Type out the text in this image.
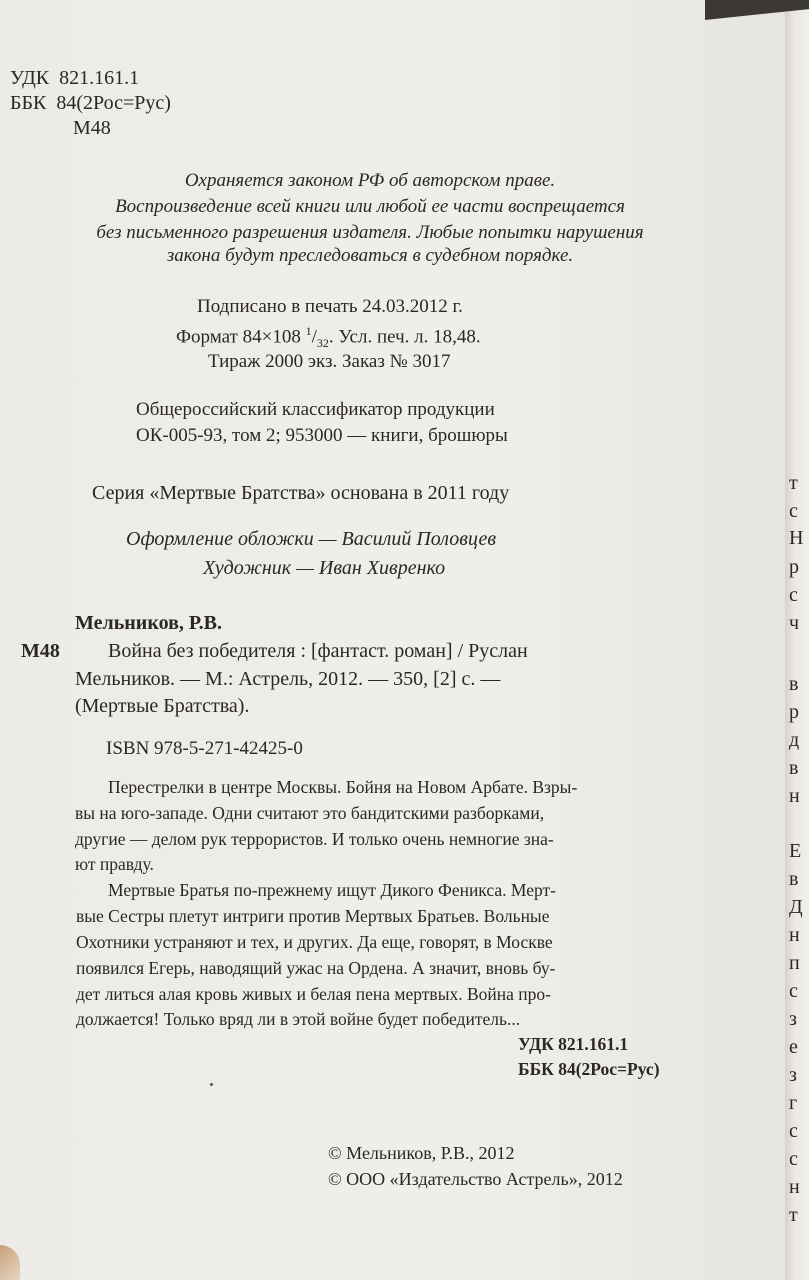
УДК 821.161.1
ББК 84(2Рос=Рус)
М48
Охраняется законом РФ об авторском праве.
Воспроизведение всей книги или любой ее части воспрещается
без письменного разрешения издателя. Любые попытки нарушения
закона будут преследоваться в судебном порядке.
Подписано в печать 24.03.2012 г.
Формат 84×108 $^1/_{32}$. Усл. печ. л. 18,48.
Тираж 2000 экз. Заказ № 3017
Общероссийский классификатор продукции
ОК-005-93, том 2; 953000 — книги, брошюры
Серия «Мертвые Братства» основана в 2011 году
Оформление обложки — Василий Половцев
Художник — Иван Хивренко
Мельников, Р.В.
М48 Война без победителя : [фантаст. роман] / Руслан
Мельников. — М.: Астрель, 2012. — 350, [2] с. —
(Мертвые Братства).
ISBN 978-5-271-42425-0
Перестрелки в центре Москвы. Бойня на Новом Арбате. Взры-
вы на юго-западе. Одни считают это бандитскими разборками,
другие — делом рук террористов. И только очень немногие зна-
ют правду.
Мертвые Братья по-прежнему ищут Дикого Феникса. Мерт-
вые Сестры плетут интриги против Мертвых Братьев. Вольные
Охотники устраняют и тех, и других. Да еще, говорят, в Москве
появился Егерь, наводящий ужас на Ордена. А значит, вновь бу-
дет литься алая кровь живых и белая пена мертвых. Война про-
должается! Только вряд ли в этой войне будет победитель...
УДК 821.161.1
ББК 84(2Рос=Рус)
© Мельников, Р.В., 2012
© ООО «Издательство Астрель», 2012
т
с
Н
р
с
ч
в
р
д
в
н
Е
в
Д
н
п
с
з
е
з
г
с
с
н
т
